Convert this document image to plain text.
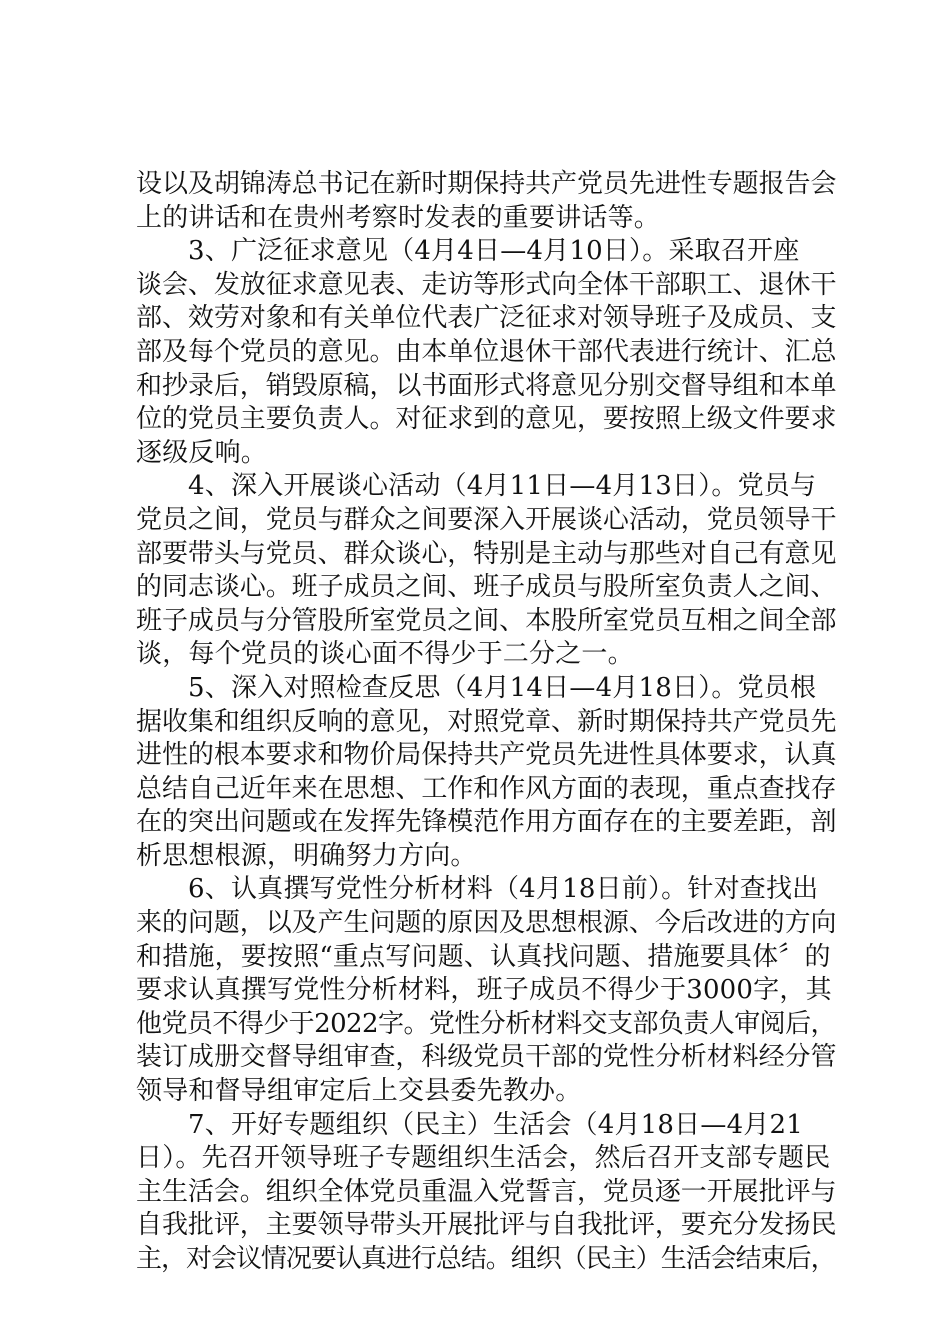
设以及胡锦涛总书记在新时期保持共产党员先进性专题报告会
上的讲话和在贵州考察时发表的重要讲话等。
3、广泛征求意见（4月4日—4月10日）。采取召开座
谈会、发放征求意见表、走访等形式向全体干部职工、退休干
部、效劳对象和有关单位代表广泛征求对领导班子及成员、支
部及每个党员的意见。由本单位退休干部代表进行统计、汇总
和抄录后，销毁原稿，以书面形式将意见分别交督导组和本单
位的党员主要负责人。对征求到的意见，要按照上级文件要求
逐级反响。
4、深入开展谈心活动（4月11日—4月13日）。党员与
党员之间，党员与群众之间要深入开展谈心活动，党员领导干
部要带头与党员、群众谈心，特别是主动与那些对自己有意见
的同志谈心。班子成员之间、班子成员与股所室负责人之间、
班子成员与分管股所室党员之间、本股所室党员互相之间全部
谈，每个党员的谈心面不得少于二分之一。
5、深入对照检查反思（4月14日—4月18日）。党员根
据收集和组织反响的意见，对照党章、新时期保持共产党员先
进性的根本要求和物价局保持共产党员先进性具体要求，认真
总结自己近年来在思想、工作和作风方面的表现，重点查找存
在的突出问题或在发挥先锋模范作用方面存在的主要差距，剖
析思想根源，明确努力方向。
6、认真撰写党性分析材料（4月18日前）。针对查找出
来的问题，以及产生问题的原因及思想根源、今后改进的方向
和措施，要按照“重点写问题、认真找问题、措施要具体〞的
要求认真撰写党性分析材料，班子成员不得少于3000字，其
他党员不得少于2022字。党性分析材料交支部负责人审阅后，
装订成册交督导组审查，科级党员干部的党性分析材料经分管
领导和督导组审定后上交县委先教办。
7、开好专题组织（民主）生活会（4月18日—4月21
日）。先召开领导班子专题组织生活会，然后召开支部专题民
主生活会。组织全体党员重温入党誓言，党员逐一开展批评与
自我批评，主要领导带头开展批评与自我批评，要充分发扬民
主，对会议情况要认真进行总结。组织（民主）生活会结束后，
